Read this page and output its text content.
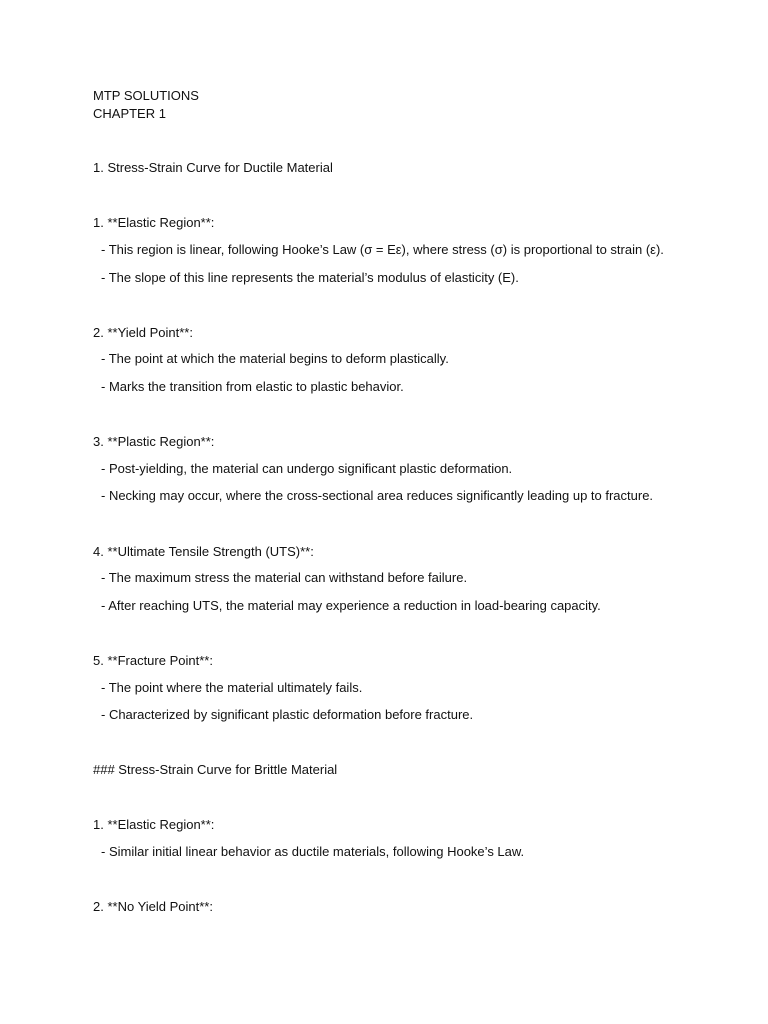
MTP SOLUTIONS
CHAPTER 1
1. Stress-Strain Curve for Ductile Material
1. **Elastic Region**:
- This region is linear, following Hooke’s Law (σ = Eε), where stress (σ) is proportional to strain (ε).
- The slope of this line represents the material’s modulus of elasticity (E).
2. **Yield Point**:
- The point at which the material begins to deform plastically.
- Marks the transition from elastic to plastic behavior.
3. **Plastic Region**:
- Post-yielding, the material can undergo significant plastic deformation.
- Necking may occur, where the cross-sectional area reduces significantly leading up to fracture.
4. **Ultimate Tensile Strength (UTS)**:
- The maximum stress the material can withstand before failure.
- After reaching UTS, the material may experience a reduction in load-bearing capacity.
5. **Fracture Point**:
- The point where the material ultimately fails.
- Characterized by significant plastic deformation before fracture.
### Stress-Strain Curve for Brittle Material
1. **Elastic Region**:
- Similar initial linear behavior as ductile materials, following Hooke’s Law.
2. **No Yield Point**:
